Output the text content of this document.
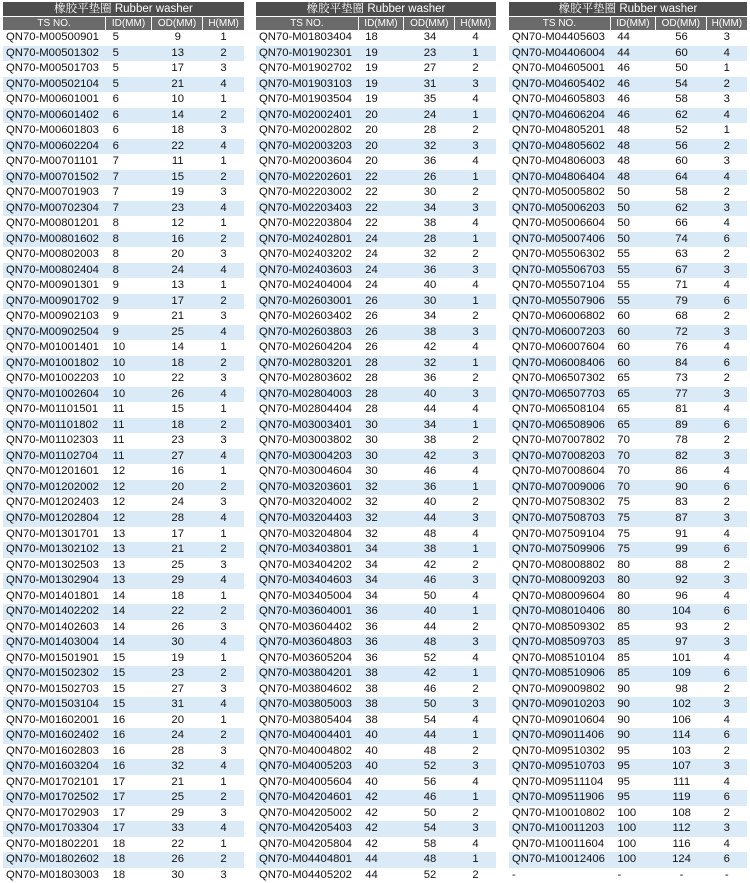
橡胶平垫圈 Rubber washer
TS NO.	ID(MM)	OD(MM)	H(MM)
QN70-M00500901	5	9	1
QN70-M00501302	5	13	2
QN70-M00501703	5	17	3
QN70-M00502104	5	21	4
QN70-M00601001	6	10	1
QN70-M00601402	6	14	2
QN70-M00601803	6	18	3
QN70-M00602204	6	22	4
QN70-M00701101	7	11	1
QN70-M00701502	7	15	2
QN70-M00701903	7	19	3
QN70-M00702304	7	23	4
QN70-M00801201	8	12	1
QN70-M00801602	8	16	2
QN70-M00802003	8	20	3
QN70-M00802404	8	24	4
QN70-M00901301	9	13	1
QN70-M00901702	9	17	2
QN70-M00902103	9	21	3
QN70-M00902504	9	25	4
QN70-M01001401	10	14	1
QN70-M01001802	10	18	2
QN70-M01002203	10	22	3
QN70-M01002604	10	26	4
QN70-M01101501	11	15	1
QN70-M01101802	11	18	2
QN70-M01102303	11	23	3
QN70-M01102704	11	27	4
QN70-M01201601	12	16	1
QN70-M01202002	12	20	2
QN70-M01202403	12	24	3
QN70-M01202804	12	28	4
QN70-M01301701	13	17	1
QN70-M01302102	13	21	2
QN70-M01302503	13	25	3
QN70-M01302904	13	29	4
QN70-M01401801	14	18	1
QN70-M01402202	14	22	2
QN70-M01402603	14	26	3
QN70-M01403004	14	30	4
QN70-M01501901	15	19	1
QN70-M01502302	15	23	2
QN70-M01502703	15	27	3
QN70-M01503104	15	31	4
QN70-M01602001	16	20	1
QN70-M01602402	16	24	2
QN70-M01602803	16	28	3
QN70-M01603204	16	32	4
QN70-M01702101	17	21	1
QN70-M01702502	17	25	2
QN70-M01702903	17	29	3
QN70-M01703304	17	33	4
QN70-M01802201	18	22	1
QN70-M01802602	18	26	2
QN70-M01803003	18	30	3
橡胶平垫圈 Rubber washer
TS NO.	ID(MM)	OD(MM)	H(MM)
QN70-M01803404	18	34	4
QN70-M01902301	19	23	1
QN70-M01902702	19	27	2
QN70-M01903103	19	31	3
QN70-M01903504	19	35	4
QN70-M02002401	20	24	1
QN70-M02002802	20	28	2
QN70-M02003203	20	32	3
QN70-M02003604	20	36	4
QN70-M02202601	22	26	1
QN70-M02203002	22	30	2
QN70-M02203403	22	34	3
QN70-M02203804	22	38	4
QN70-M02402801	24	28	1
QN70-M02403202	24	32	2
QN70-M02403603	24	36	3
QN70-M02404004	24	40	4
QN70-M02603001	26	30	1
QN70-M02603402	26	34	2
QN70-M02603803	26	38	3
QN70-M02604204	26	42	4
QN70-M02803201	28	32	1
QN70-M02803602	28	36	2
QN70-M02804003	28	40	3
QN70-M02804404	28	44	4
QN70-M03003401	30	34	1
QN70-M03003802	30	38	2
QN70-M03004203	30	42	3
QN70-M03004604	30	46	4
QN70-M03203601	32	36	1
QN70-M03204002	32	40	2
QN70-M03204403	32	44	3
QN70-M03204804	32	48	4
QN70-M03403801	34	38	1
QN70-M03404202	34	42	2
QN70-M03404603	34	46	3
QN70-M03405004	34	50	4
QN70-M03604001	36	40	1
QN70-M03604402	36	44	2
QN70-M03604803	36	48	3
QN70-M03605204	36	52	4
QN70-M03804201	38	42	1
QN70-M03804602	38	46	2
QN70-M03805003	38	50	3
QN70-M03805404	38	54	4
QN70-M04004401	40	44	1
QN70-M04004802	40	48	2
QN70-M04005203	40	52	3
QN70-M04005604	40	56	4
QN70-M04204601	42	46	1
QN70-M04205002	42	50	2
QN70-M04205403	42	54	3
QN70-M04205804	42	58	4
QN70-M04404801	44	48	1
QN70-M04405202	44	52	2
橡胶平垫圈 Rubber washer
TS NO.	ID(MM)	OD(MM)	H(MM)
QN70-M04405603	44	56	3
QN70-M04406004	44	60	4
QN70-M04605001	46	50	1
QN70-M04605402	46	54	2
QN70-M04605803	46	58	3
QN70-M04606204	46	62	4
QN70-M04805201	48	52	1
QN70-M04805602	48	56	2
QN70-M04806003	48	60	3
QN70-M04806404	48	64	4
QN70-M05005802	50	58	2
QN70-M05006203	50	62	3
QN70-M05006604	50	66	4
QN70-M05007406	50	74	6
QN70-M05506302	55	63	2
QN70-M05506703	55	67	3
QN70-M05507104	55	71	4
QN70-M05507906	55	79	6
QN70-M06006802	60	68	2
QN70-M06007203	60	72	3
QN70-M06007604	60	76	4
QN70-M06008406	60	84	6
QN70-M06507302	65	73	2
QN70-M06507703	65	77	3
QN70-M06508104	65	81	4
QN70-M06508906	65	89	6
QN70-M07007802	70	78	2
QN70-M07008203	70	82	3
QN70-M07008604	70	86	4
QN70-M07009006	70	90	6
QN70-M07508302	75	83	2
QN70-M07508703	75	87	3
QN70-M07509104	75	91	4
QN70-M07509906	75	99	6
QN70-M08008802	80	88	2
QN70-M08009203	80	92	3
QN70-M08009604	80	96	4
QN70-M08010406	80	104	6
QN70-M08509302	85	93	2
QN70-M08509703	85	97	3
QN70-M08510104	85	101	4
QN70-M08510906	85	109	6
QN70-M09009802	90	98	2
QN70-M09010203	90	102	3
QN70-M09010604	90	106	4
QN70-M09011406	90	114	6
QN70-M09510302	95	103	2
QN70-M09510703	95	107	3
QN70-M09511104	95	111	4
QN70-M09511906	95	119	6
QN70-M10010802	100	108	2
QN70-M10011203	100	112	3
QN70-M10011604	100	116	4
QN70-M10012406	100	124	6
-	-	-	-
